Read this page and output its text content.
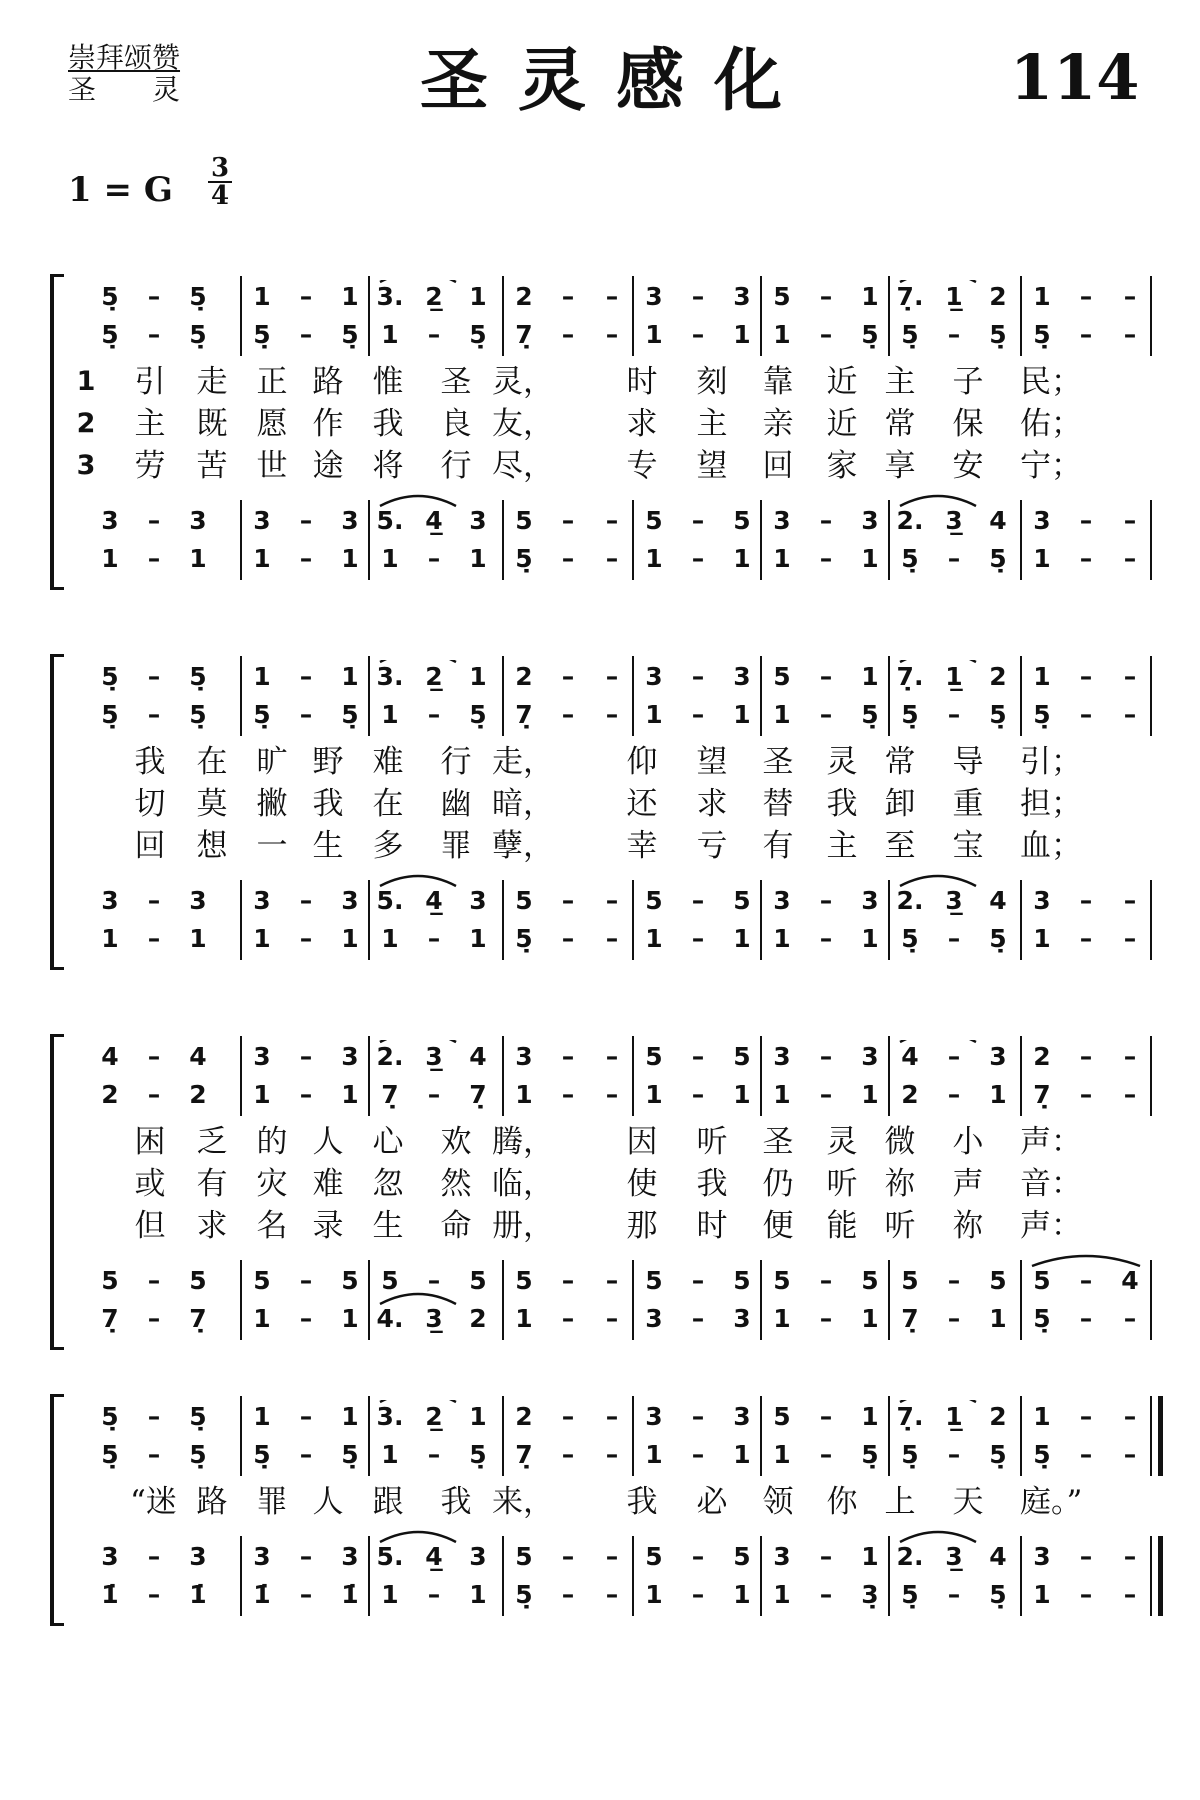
崇拜颂赞
圣灵	圣灵感化	114
1 = G
3
4
5̣	–	5̣	1	–	1 3. 2̲	1	2	–	–	3	–	3 5	–	1 7̣. 1̲	2	1	–	–
5̣	–	5̣	5̣	–	5̣ 1	–	5̣	7̣	–	–	1	–	1 1	–	5̣ 5̣	–	5̣	5̣	–	–
3	–	3	3	–	3 5. 4̲	3	5	–	–	5	–	5 3	–	3 2. 3̲	4	3	–	–
1	–	1	1	–	1 1	–	1	5̣	–	–	1	–	1 1	–	1 5̣	–	5̣	1	–	–
1 引 走 正 路 惟 圣 灵， 时 刻 靠 近 主 子 民；
2 主 既 愿 作 我 良 友， 求 主 亲 近 常 保 佑；
3 劳 苦 世 途 将 行 尽， 专 望 回 家 享 安 宁；
5̣	–	5̣	1	–	1 3. 2̲	1	2	–	–	3	–	3 5	–	1 7̣. 1̲	2	1	–	–
5̣	–	5̣	5̣	–	5̣ 1	–	5̣	7̣	–	–	1	–	1 1	–	5̣ 5̣	–	5̣	5̣	–	–
3	–	3	3	–	3 5. 4̲	3	5	–	–	5	–	5 3	–	3 2. 3̲	4	3	–	–
1	–	1	1	–	1 1	–	1	5̣	–	–	1	–	1 1	–	1 5̣	–	5̣	1	–	–
我 在 旷 野 难 行 走， 仰 望 圣 灵 常 导 引；
切 莫 撇 我 在 幽 暗， 还 求 替 我 卸 重 担；
回 想 一 生 多 罪 孽， 幸 亏 有 主 至 宝 血；
4	–	4	3	–	3 2. 3̲	4	3	–	–	5	–	5 3	–	3 4	–	3	2	–	–
2	–	2	1	–	1 7̣	–	7̣	1	–	–	1	–	1 1	–	1 2	–	1	7̣	–	–
5	–	5	5	–	5 5	–	5	5	–	–	5	–	5 5	–	5 5	–	5	5	–	4
7̣	–	7̣	1	–	1 4. 3̲	2	1	–	–	3	–	3 1	–	1 7̣	–	1	5̣	–	–
困 乏 的 人 心 欢 腾， 因 听 圣 灵 微 小 声：
或 有 灾 难 忽 然 临， 使 我 仍 听 祢 声 音：
但 求 名 录 生 命 册， 那 时 便 能 听 祢 声：
5̣	–	5̣	1	–	1 3. 2̲	1	2	–	–	3	–	3 5	–	1 7̣. 1̲	2	1	–	–
5̣	–	5̣	5̣	–	5̣ 1	–	5̣	7̣	–	–	1	–	1 1	–	5̣ 5̣	–	5̣	5̣	–	–
3	–	3	3	–	3 5. 4̲	3	5	–	–	5	–	5 3	–	1 2. 3̲	4	3	–	–
1̇	–	1̇	1̇	–	1̇ 1	–	1	5̣	–	–	1	–	1 1	–	3̣ 5̣	–	5̣	1	–	–
“迷 路 罪 人 跟 我 来， 我 必 领 你 上 天 庭。”
